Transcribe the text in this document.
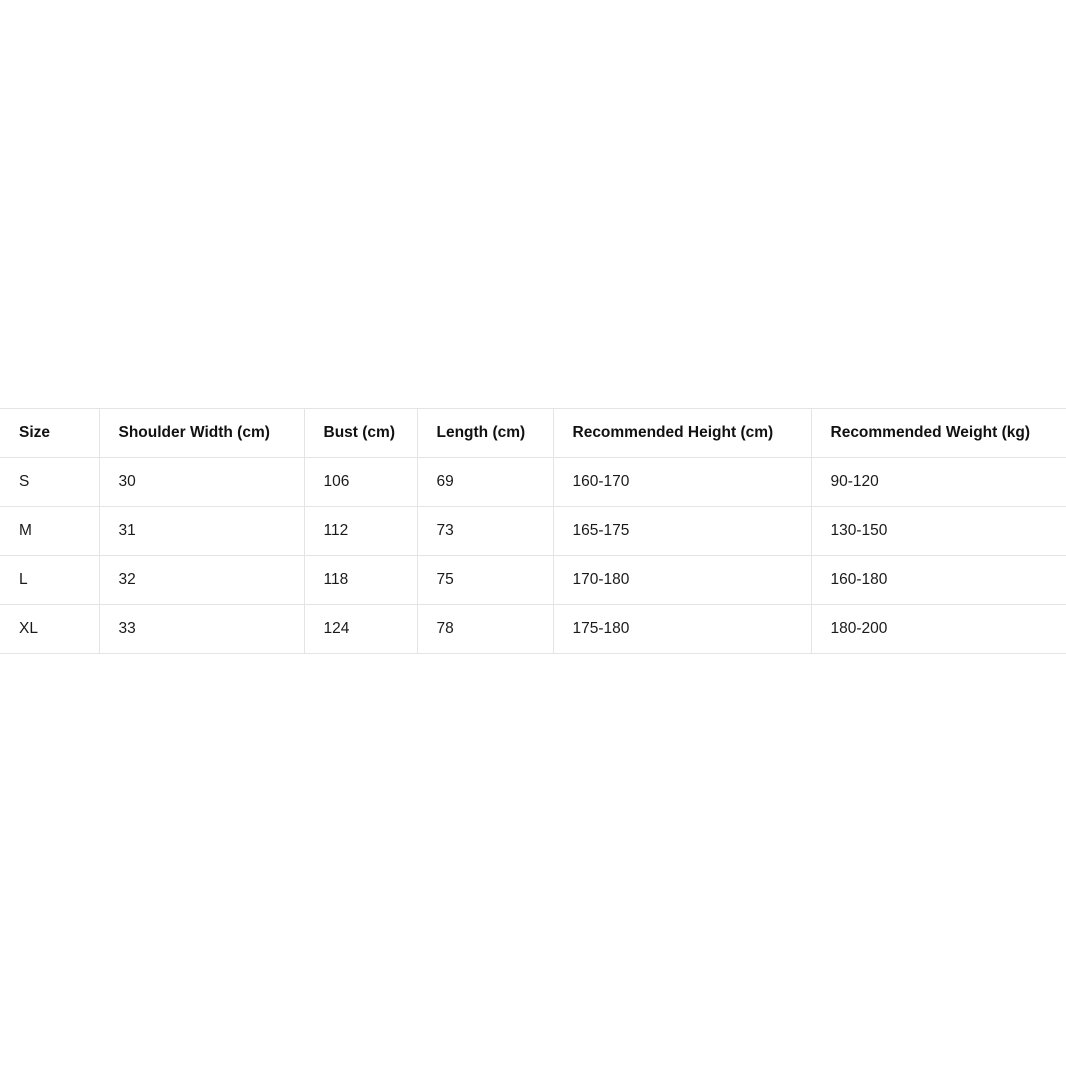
Size	Shoulder Width (cm)	Bust (cm)	Length (cm)	Recommended Height (cm)	Recommended Weight (kg)
S	30	106	69	160-170	90-120
M	31	112	73	165-175	130-150
L	32	118	75	170-180	160-180
XL	33	124	78	175-180	180-200
